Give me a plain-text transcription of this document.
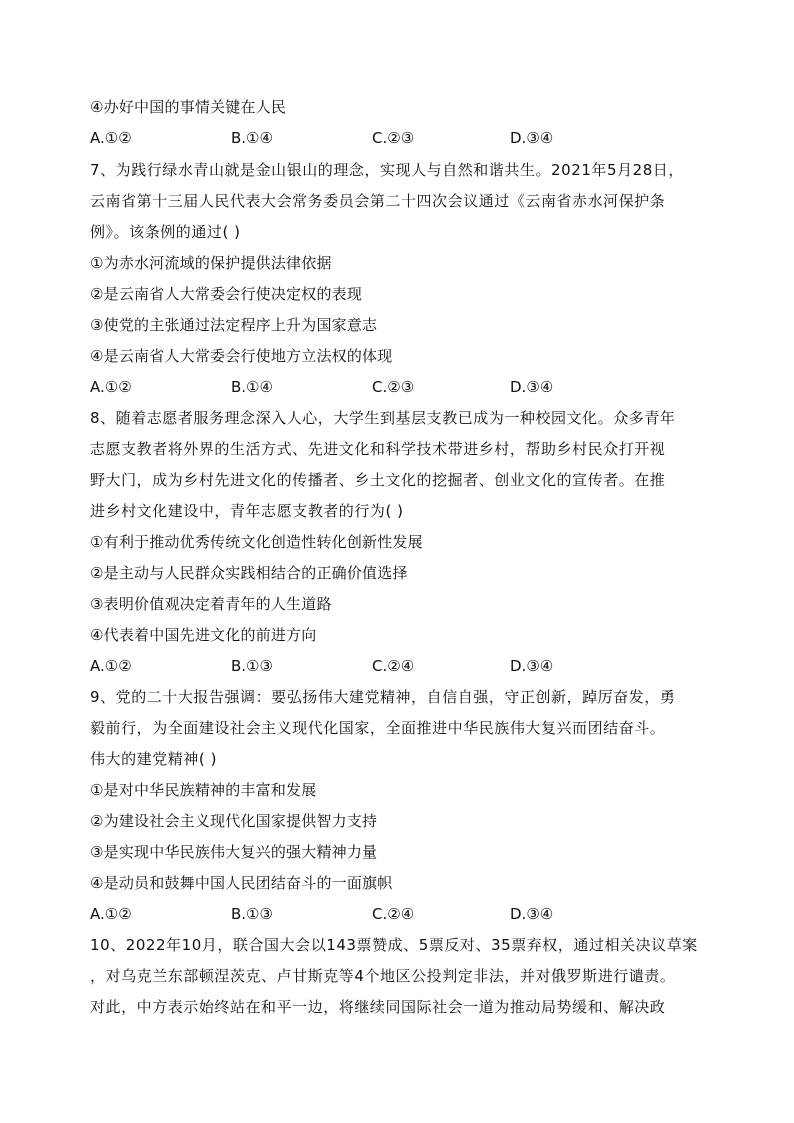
④办好中国的事情关键在人民
A.①②	B.①④	C.②③	D.③④
7、为践行绿水青山就是金山银山的理念，实现人与自然和谐共生。2021年5月28日，
云南省第十三届人民代表大会常务委员会第二十四次会议通过《云南省赤水河保护条
例》。该条例的通过( )
①为赤水河流域的保护提供法律依据
②是云南省人大常委会行使决定权的表现
③使党的主张通过法定程序上升为国家意志
④是云南省人大常委会行使地方立法权的体现
A.①②	B.①④	C.②③	D.③④
8、随着志愿者服务理念深入人心，大学生到基层支教已成为一种校园文化。众多青年
志愿支教者将外界的生活方式、先进文化和科学技术带进乡村，帮助乡村民众打开视
野大门，成为乡村先进文化的传播者、乡土文化的挖掘者、创业文化的宣传者。在推
进乡村文化建设中，青年志愿支教者的行为( )
①有利于推动优秀传统文化创造性转化创新性发展
②是主动与人民群众实践相结合的正确价值选择
③表明价值观决定着青年的人生道路
④代表着中国先进文化的前进方向
A.①②	B.①③	C.②④	D.③④
9、党的二十大报告强调：要弘扬伟大建党精神，自信自强，守正创新，踔厉奋发，勇
毅前行，为全面建设社会主义现代化国家，全面推进中华民族伟大复兴而团结奋斗。
伟大的建党精神( )
①是对中华民族精神的丰富和发展
②为建设社会主义现代化国家提供智力支持
③是实现中华民族伟大复兴的强大精神力量
④是动员和鼓舞中国人民团结奋斗的一面旗帜
A.①②	B.①③	C.②④	D.③④
10、2022年10月，联合国大会以143票赞成、5票反对、35票弃权，通过相关决议草案
，对乌克兰东部顿涅茨克、卢甘斯克等4个地区公投判定非法，并对俄罗斯进行谴责。
对此，中方表示始终站在和平一边，将继续同国际社会一道为推动局势缓和、解决政
